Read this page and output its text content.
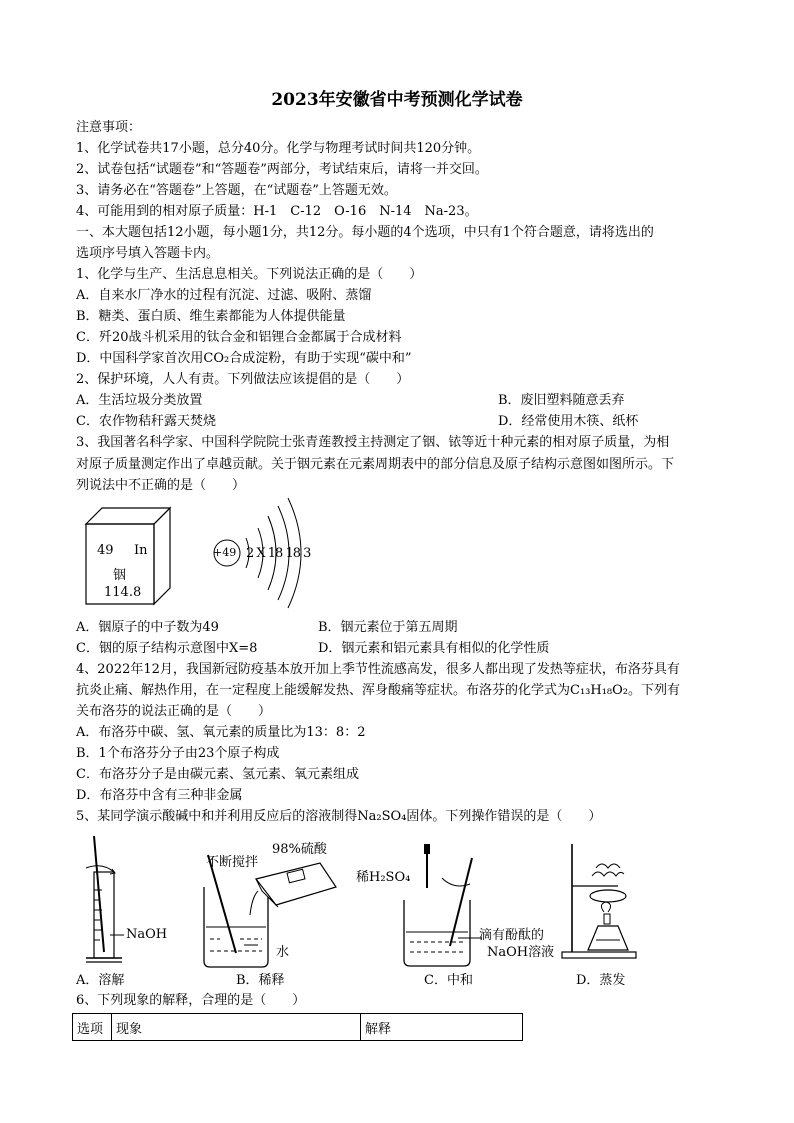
2023年安徽省中考预测化学试卷
注意事项：
1、化学试卷共17小题，总分40分。化学与物理考试时间共120分钟。
2、试卷包括“试题卷”和“答题卷”两部分，考试结束后，请将一并交回。
3、请务必在“答题卷”上答题，在“试题卷”上答题无效。
4、可能用到的相对原子质量：H-1　C-12　O-16　N-14　Na-23。
一、本大题包括12小题，每小题1分，共12分。每小题的4个选项，中只有1个符合题意，请将选出的
选项序号填入答题卡内。
1、化学与生产、生活息息相关。下列说法正确的是（　　）
A．自来水厂净水的过程有沉淀、过滤、吸附、蒸馏
B．糖类、蛋白质、维生素都能为人体提供能量
C．歼20战斗机采用的钛合金和铝锂合金都属于合成材料
D．中国科学家首次用CO₂合成淀粉，有助于实现“碳中和”
2、保护环境，人人有责。下列做法应该提倡的是（　　）
A．生活垃圾分类放置	B．废旧塑料随意丢弃
C．农作物秸秆露天焚烧	D．经常使用木筷、纸杯
3、我国著名科学家、中国科学院院士张青莲教授主持测定了铟、铱等近十种元素的相对原子质量，为相
对原子质量测定作出了卓越贡献。关于铟元素在元素周期表中的部分信息及原子结构示意图如图所示。下
列说法中不正确的是（　　）
49 In
铟
114.8
+49 2 X 18 18 3
A．铟原子的中子数为49	B．铟元素位于第五周期
C．铟的原子结构示意图中X=8	D．铟元素和铝元素具有相似的化学性质
4、2022年12月，我国新冠防疫基本放开加上季节性流感高发，很多人都出现了发热等症状，布洛芬具有
抗炎止痛、解热作用，在一定程度上能缓解发热、浑身酸痛等症状。布洛芬的化学式为C₁₃H₁₈O₂。下列有
关布洛芬的说法正确的是（　　）
A．布洛芬中碳、氢、氧元素的质量比为13：8：2
B．1个布洛芬分子由23个原子构成
C．布洛芬分子是由碳元素、氢元素、氧元素组成
D．布洛芬中含有三种非金属
5、某同学演示酸碱中和并利用反应后的溶液制得Na₂SO₄固体。下列操作错误的是（　　）
NaOH
不断搅拌
98%硫酸
水
稀H₂SO₄
滴有酚酞的
NaOH溶液
A．溶解	B．稀释	C．中和	D．蒸发
6、下列现象的解释，合理的是（　　）
选项	现象	解释
